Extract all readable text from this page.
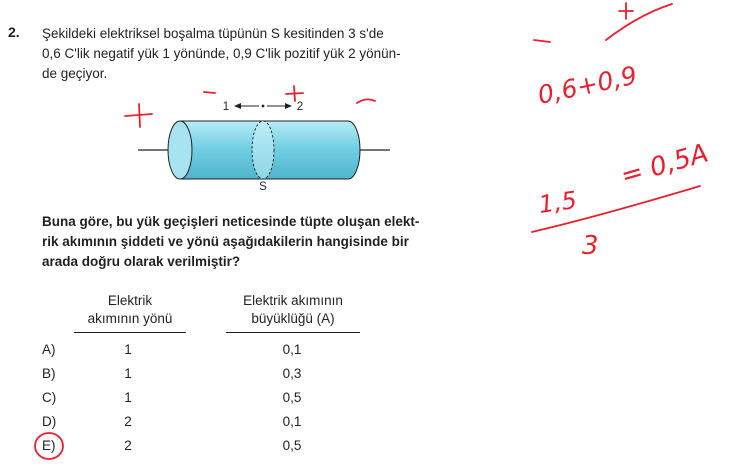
2. Şekildeki elektriksel boşalma tüpünün S kesitinden 3 s'de
0,6 C'lik negatif yük 1 yönünde, 0,9 C'lik pozitif yük 2 yönün-
de geçiyor.
1	2
S
Buna göre, bu yük geçişleri neticesinde tüpte oluşan elekt-
rik akımının şiddeti ve yönü aşağıdakilerin hangisinde bir
arada doğru olarak verilmiştir?
Elektrik
akımının yönü
Elektrik akımının
büyüklüğü (A)
A)	1	0,1
B)	1	0,3
C)	1	0,5
D)	2	0,1
E)	2	0,5
0,6+0,9
1,5
= 0,5A
3
